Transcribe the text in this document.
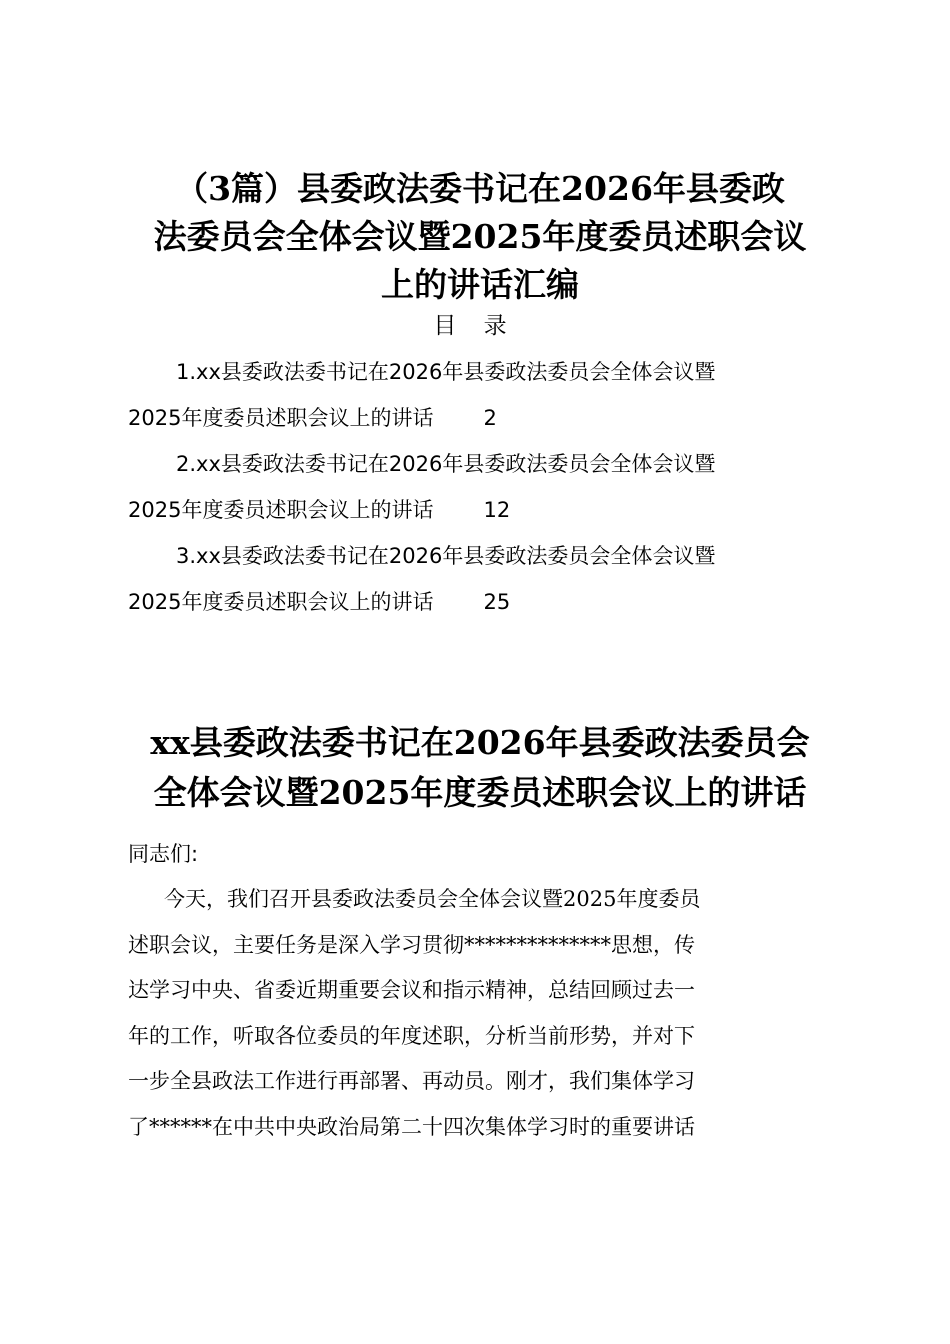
（3篇）县委政法委书记在2026年县委政
法委员会全体会议暨2025年度委员述职会议
上的讲话汇编
目 录
1.xx县委政法委书记在2026年县委政法委员会全体会议暨
2025年度委员述职会议上的讲话 2
2.xx县委政法委书记在2026年县委政法委员会全体会议暨
2025年度委员述职会议上的讲话 12
3.xx县委政法委书记在2026年县委政法委员会全体会议暨
2025年度委员述职会议上的讲话 25
xx县委政法委书记在2026年县委政法委员会
全体会议暨2025年度委员述职会议上的讲话
同志们:
今天，我们召开县委政法委员会全体会议暨2025年度委员
述职会议，主要任务是深入学习贯彻**************思想，传
达学习中央、省委近期重要会议和指示精神，总结回顾过去一
年的工作，听取各位委员的年度述职，分析当前形势，并对下
一步全县政法工作进行再部署、再动员。刚才，我们集体学习
了******在中共中央政治局第二十四次集体学习时的重要讲话
